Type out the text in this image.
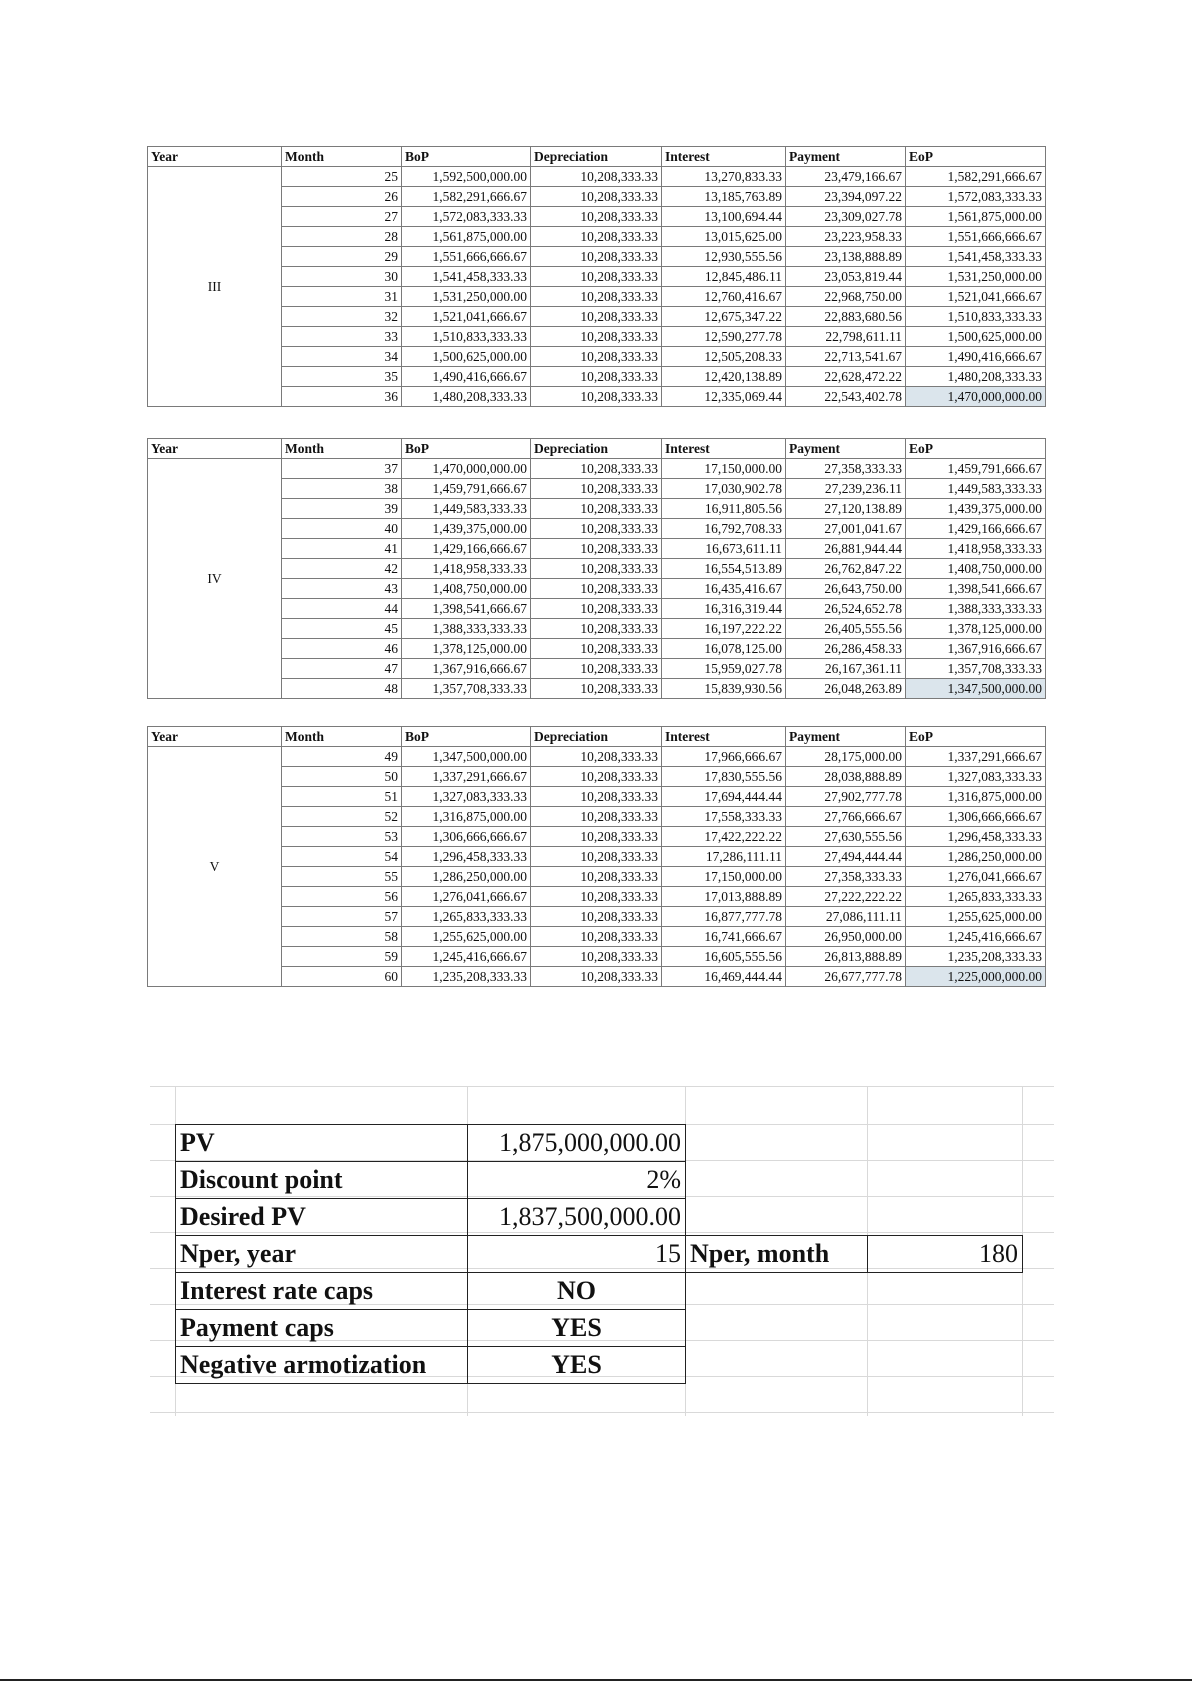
Year	Month	BoP	Depreciation	Interest	Payment	EoP
III	25	1,592,500,000.00	10,208,333.33	13,270,833.33	23,479,166.67	1,582,291,666.67
	26	1,582,291,666.67	10,208,333.33	13,185,763.89	23,394,097.22	1,572,083,333.33
	27	1,572,083,333.33	10,208,333.33	13,100,694.44	23,309,027.78	1,561,875,000.00
	28	1,561,875,000.00	10,208,333.33	13,015,625.00	23,223,958.33	1,551,666,666.67
	29	1,551,666,666.67	10,208,333.33	12,930,555.56	23,138,888.89	1,541,458,333.33
	30	1,541,458,333.33	10,208,333.33	12,845,486.11	23,053,819.44	1,531,250,000.00
	31	1,531,250,000.00	10,208,333.33	12,760,416.67	22,968,750.00	1,521,041,666.67
	32	1,521,041,666.67	10,208,333.33	12,675,347.22	22,883,680.56	1,510,833,333.33
	33	1,510,833,333.33	10,208,333.33	12,590,277.78	22,798,611.11	1,500,625,000.00
	34	1,500,625,000.00	10,208,333.33	12,505,208.33	22,713,541.67	1,490,416,666.67
	35	1,490,416,666.67	10,208,333.33	12,420,138.89	22,628,472.22	1,480,208,333.33
	36	1,480,208,333.33	10,208,333.33	12,335,069.44	22,543,402.78	1,470,000,000.00
Year	Month	BoP	Depreciation	Interest	Payment	EoP
IV	37	1,470,000,000.00	10,208,333.33	17,150,000.00	27,358,333.33	1,459,791,666.67
	38	1,459,791,666.67	10,208,333.33	17,030,902.78	27,239,236.11	1,449,583,333.33
	39	1,449,583,333.33	10,208,333.33	16,911,805.56	27,120,138.89	1,439,375,000.00
	40	1,439,375,000.00	10,208,333.33	16,792,708.33	27,001,041.67	1,429,166,666.67
	41	1,429,166,666.67	10,208,333.33	16,673,611.11	26,881,944.44	1,418,958,333.33
	42	1,418,958,333.33	10,208,333.33	16,554,513.89	26,762,847.22	1,408,750,000.00
	43	1,408,750,000.00	10,208,333.33	16,435,416.67	26,643,750.00	1,398,541,666.67
	44	1,398,541,666.67	10,208,333.33	16,316,319.44	26,524,652.78	1,388,333,333.33
	45	1,388,333,333.33	10,208,333.33	16,197,222.22	26,405,555.56	1,378,125,000.00
	46	1,378,125,000.00	10,208,333.33	16,078,125.00	26,286,458.33	1,367,916,666.67
	47	1,367,916,666.67	10,208,333.33	15,959,027.78	26,167,361.11	1,357,708,333.33
	48	1,357,708,333.33	10,208,333.33	15,839,930.56	26,048,263.89	1,347,500,000.00
Year	Month	BoP	Depreciation	Interest	Payment	EoP
V	49	1,347,500,000.00	10,208,333.33	17,966,666.67	28,175,000.00	1,337,291,666.67
	50	1,337,291,666.67	10,208,333.33	17,830,555.56	28,038,888.89	1,327,083,333.33
	51	1,327,083,333.33	10,208,333.33	17,694,444.44	27,902,777.78	1,316,875,000.00
	52	1,316,875,000.00	10,208,333.33	17,558,333.33	27,766,666.67	1,306,666,666.67
	53	1,306,666,666.67	10,208,333.33	17,422,222.22	27,630,555.56	1,296,458,333.33
	54	1,296,458,333.33	10,208,333.33	17,286,111.11	27,494,444.44	1,286,250,000.00
	55	1,286,250,000.00	10,208,333.33	17,150,000.00	27,358,333.33	1,276,041,666.67
	56	1,276,041,666.67	10,208,333.33	17,013,888.89	27,222,222.22	1,265,833,333.33
	57	1,265,833,333.33	10,208,333.33	16,877,777.78	27,086,111.11	1,255,625,000.00
	58	1,255,625,000.00	10,208,333.33	16,741,666.67	26,950,000.00	1,245,416,666.67
	59	1,245,416,666.67	10,208,333.33	16,605,555.56	26,813,888.89	1,235,208,333.33
	60	1,235,208,333.33	10,208,333.33	16,469,444.44	26,677,777.78	1,225,000,000.00
PV	1,875,000,000.00		
Discount point	2%		
Desired PV	1,837,500,000.00		
Nper, year	15	Nper, month	180
Interest rate caps	NO		
Payment caps	YES		
Negative armotization	YES		
